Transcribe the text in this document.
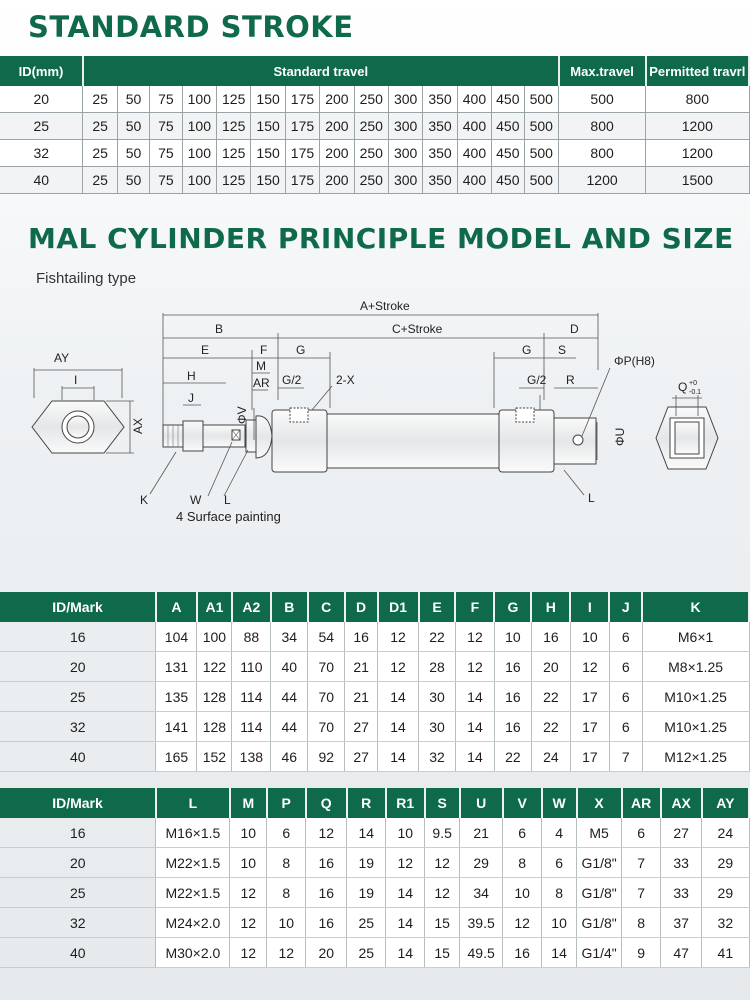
STANDARD STROKE
ID(mm)	Standard travel														Max.travel	Permitted travrl
20	25	50	75	100	125	150	175	200	250	300	350	400	450	500	500	800
25	25	50	75	100	125	150	175	200	250	300	350	400	450	500	800	1200
32	25	50	75	100	125	150	175	200	250	300	350	400	450	500	800	1200
40	25	50	75	100	125	150	175	200	250	300	350	400	450	500	1200	1500
MAL CYLINDER PRINCIPLE MODEL AND SIZE

Fishtailing type

A+Stroke
C+Stroke
B	D
E	F G	G S
H
M
AR G/2	2-X	G/2 R
J
ΦV
ΦU
ΦP(H8)
AY
I
AX
K	W L	L
Q +0
-0.1
4 Surface painting
ID/Mark	A	A1	A2	B	C	D	D1	E	F	G	H	I	J	K
16	104	100	88	34	54	16	12	22	12	10	16	10	6	M6×1
20	131	122	110	40	70	21	12	28	12	16	20	12	6	M8×1.25
25	135	128	114	44	70	21	14	30	14	16	22	17	6	M10×1.25
32	141	128	114	44	70	27	14	30	14	16	22	17	6	M10×1.25
40	165	152	138	46	92	27	14	32	14	22	24	17	7	M12×1.25
ID/Mark	L	M	P	Q	R	R1	S	U	V	W	X	AR	AX	AY
16	M16×1.5	10	6	12	14	10	9.5	21	6	4	M5	6	27	24
20	M22×1.5	10	8	16	19	12	12	29	8	6	G1/8"	7	33	29
25	M22×1.5	12	8	16	19	14	12	34	10	8	G1/8"	7	33	29
32	M24×2.0	12	10	16	25	14	15	39.5	12	10	G1/8"	8	37	32
40	M30×2.0	12	12	20	25	14	15	49.5	16	14	G1/4"	9	47	41
